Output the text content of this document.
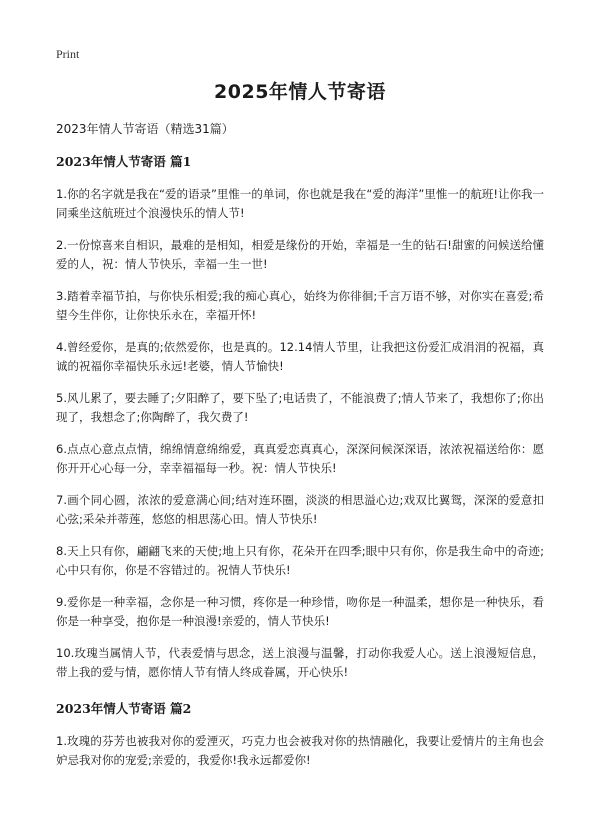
Print
2025年情人节寄语
2023年情人节寄语（精选31篇）
2023年情人节寄语 篇1

1.你的名字就是我在“爱的语录”里惟一的单词，你也就是我在“爱的海洋”里惟一的航班!让你我一同乘坐这航班过个浪漫快乐的情人节!

2.一份惊喜来自相识，最难的是相知，相爱是缘份的开始，幸福是一生的钻石!甜蜜的问候送给懂爱的人，祝：情人节快乐，幸福一生一世!

3.踏着幸福节拍，与你快乐相爱;我的痴心真心，始终为你徘徊;千言万语不够，对你实在喜爱;希望今生伴你，让你快乐永在，幸福开怀!

4.曾经爱你，是真的;依然爱你，也是真的。12.14情人节里，让我把这份爱汇成涓涓的祝福，真诚的祝福你幸福快乐永远!老婆，情人节愉快!

5.风儿累了，要去睡了;夕阳醉了，要下坠了;电话贵了，不能浪费了;情人节来了，我想你了;你出现了，我想念了;你陶醉了，我欠费了!

6.点点心意点点情，绵绵情意绵绵爱，真真爱恋真真心，深深问候深深语，浓浓祝福送给你：愿你开开心心每一分，幸幸福福每一秒。祝：情人节快乐!

7.画个同心圆，浓浓的爱意满心间;结对连环圈，淡淡的相思溢心边;戏双比翼鸳，深深的爱意扣心弦;采朵并蒂莲，悠悠的相思荡心田。情人节快乐!

8.天上只有你，翩翩飞来的天使;地上只有你，花朵开在四季;眼中只有你，你是我生命中的奇迹;心中只有你，你是不容错过的。祝情人节快乐!

9.爱你是一种幸福，念你是一种习惯，疼你是一种珍惜，吻你是一种温柔，想你是一种快乐，看你是一种享受，抱你是一种浪漫!亲爱的，情人节快乐!

10.玫瑰当属情人节，代表爱情与思念，送上浪漫与温馨，打动你我爱人心。送上浪漫短信息，带上我的爱与情，愿你情人节有情人终成眷属，开心快乐!

2023年情人节寄语 篇2

1.玫瑰的芬芳也被我对你的爱湮灭，巧克力也会被我对你的热情融化，我要让爱情片的主角也会妒忌我对你的宠爱;亲爱的，我爱你!我永远都爱你!
